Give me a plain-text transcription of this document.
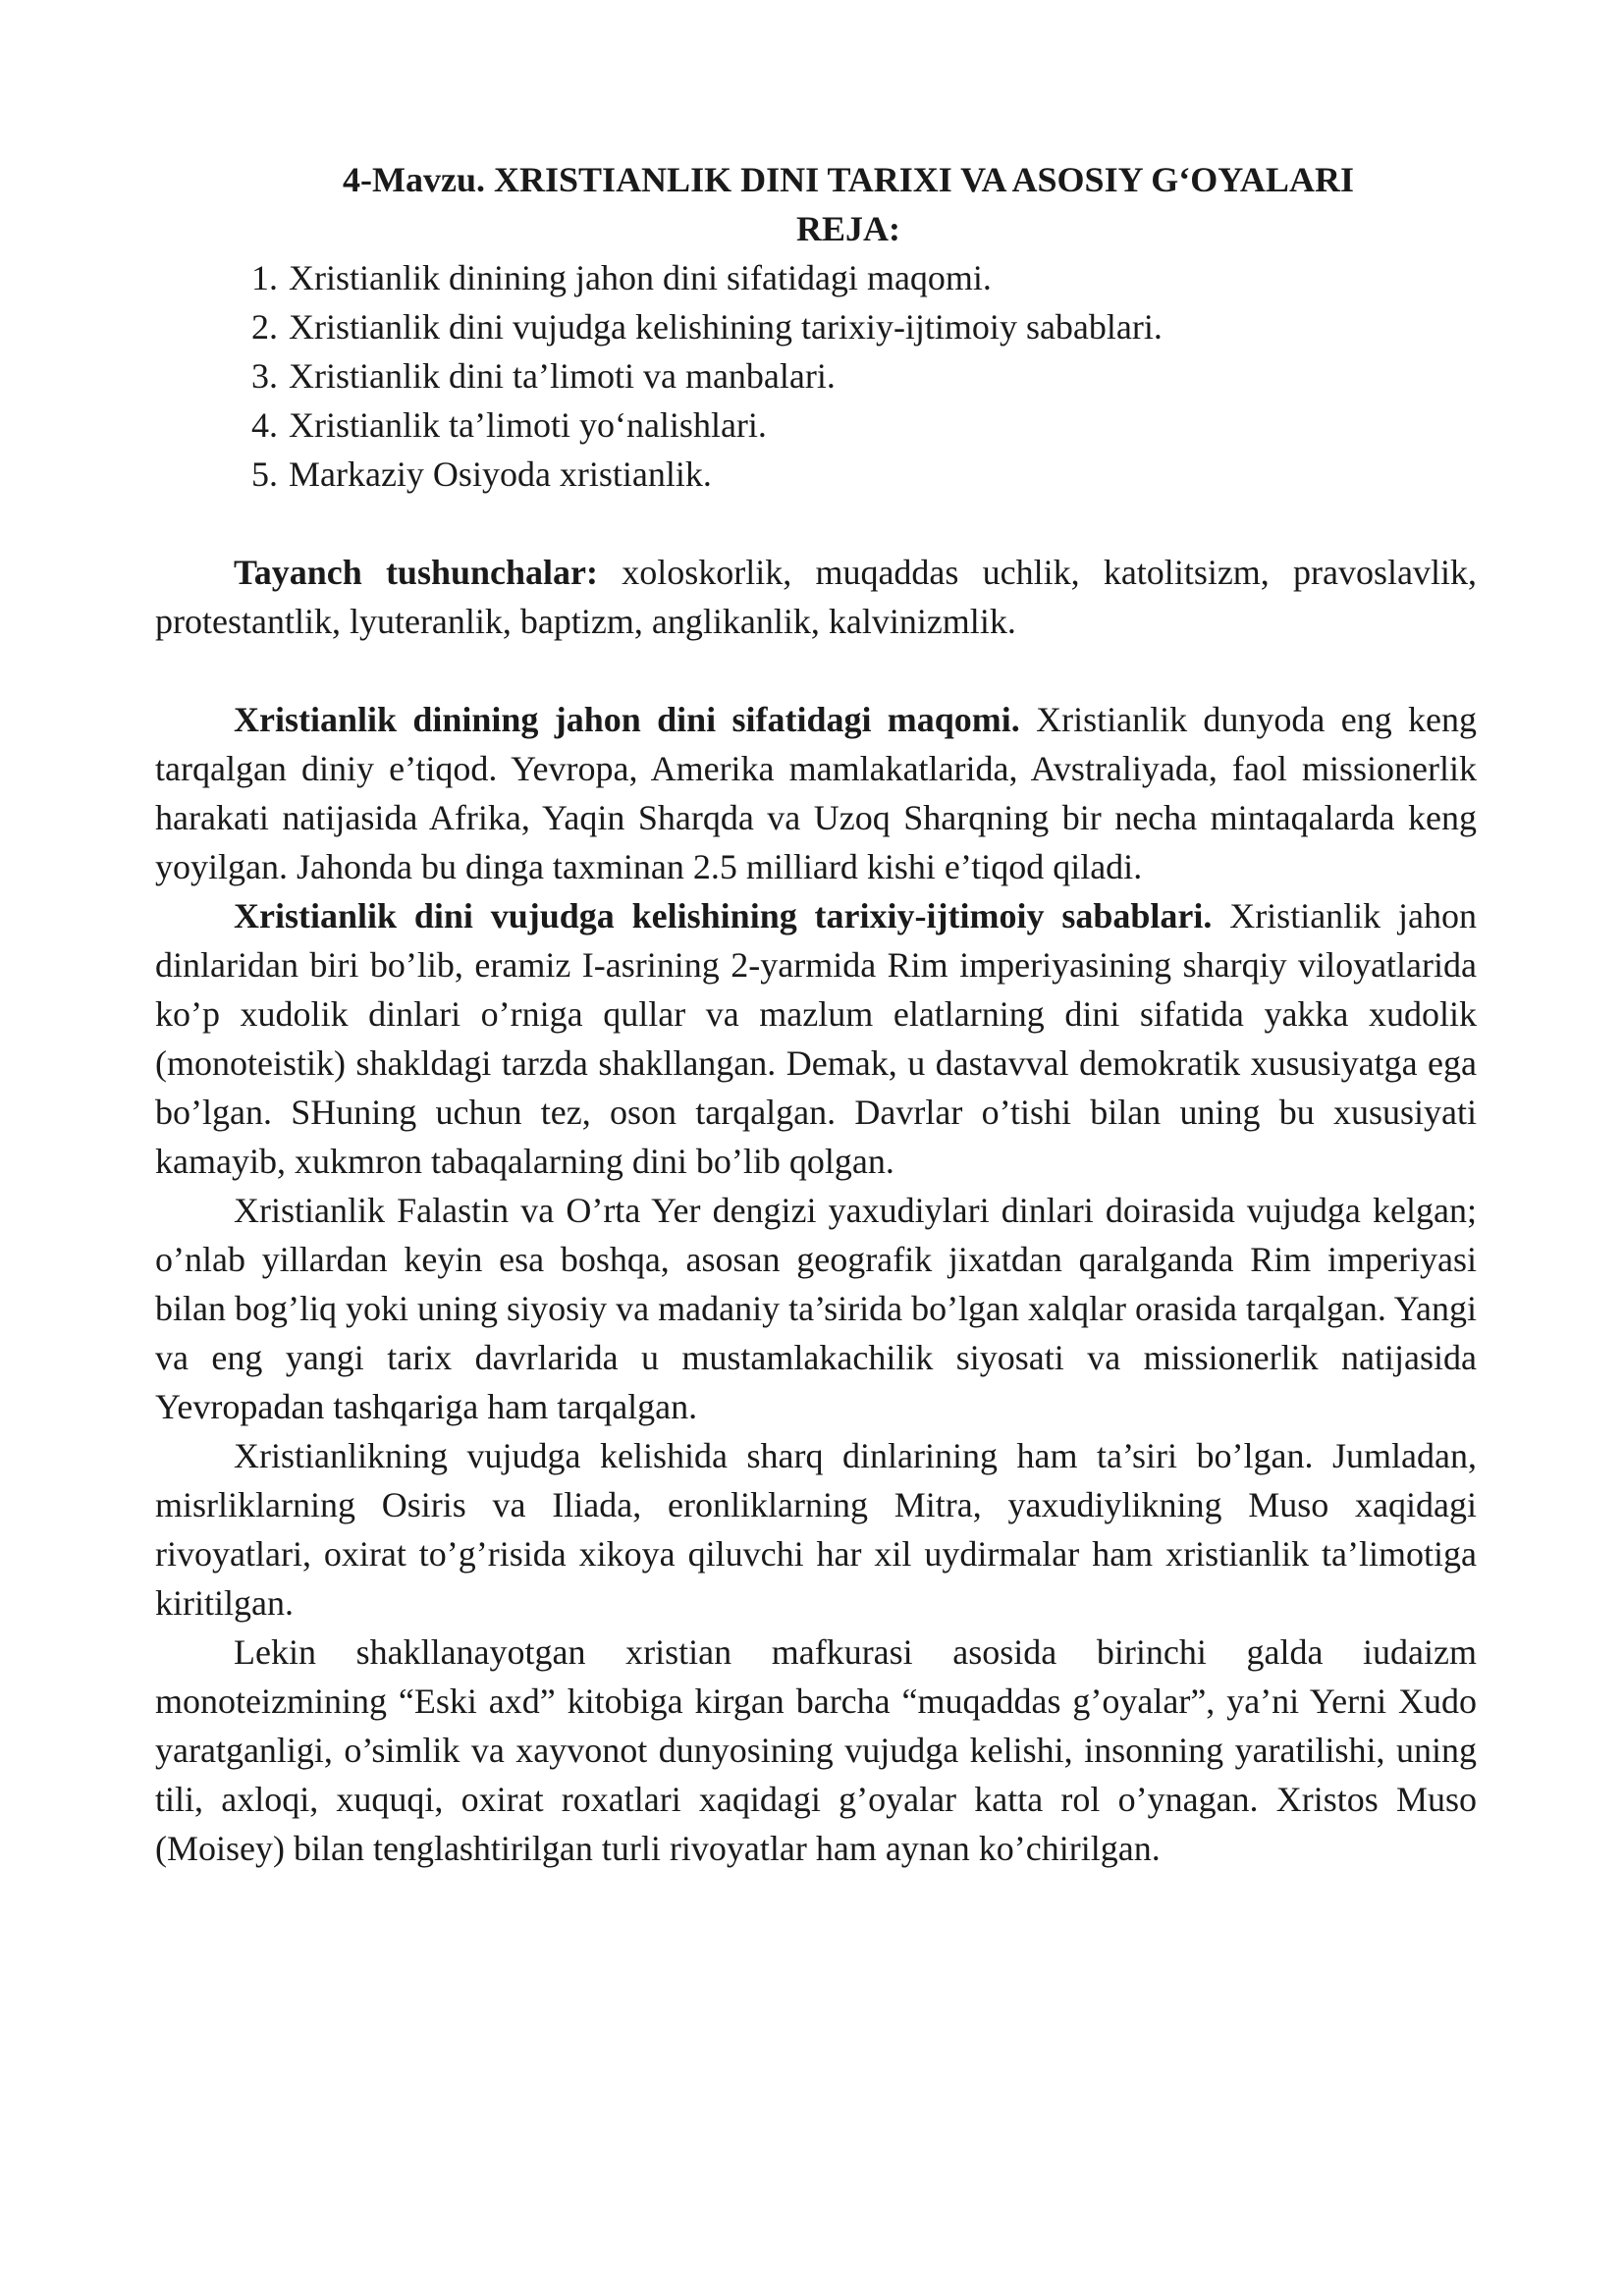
4-Mavzu. XRISTIANLIK DINI TARIXI VA ASOSIY G‘OYALARI

REJA:

1. Xristianlik dinining jahon dini sifatidagi maqomi.
2. Xristianlik dini vujudga kelishining tarixiy-ijtimoiy sabablari.
3. Xristianlik dini ta’limoti va manbalari.
4. Xristianlik ta’limoti yo‘nalishlari.
5. Markaziy Osiyoda xristianlik.

Tayanch tushunchalar: xoloskorlik, muqaddas uchlik, katolitsizm, pravoslavlik, protestantlik, lyuteranlik, baptizm, anglikanlik, kalvinizmlik.

Xristianlik dinining jahon dini sifatidagi maqomi. Xristianlik dunyoda eng keng tarqalgan diniy e’tiqod. Yevropa, Amerika mamlakatlarida, Avstraliyada, faol missionerlik harakati natijasida Afrika, Yaqin Sharqda va Uzoq Sharqning bir necha mintaqalarda keng yoyilgan. Jahonda bu dinga taxminan 2.5 milliard kishi e’tiqod qiladi.

Xristianlik dini vujudga kelishining tarixiy-ijtimoiy sabablari. Xristianlik jahon dinlaridan biri bo’lib, eramiz I-asrining 2-yarmida Rim imperiyasining sharqiy viloyatlarida ko’p xudolik dinlari o’rniga qullar va mazlum elatlarning dini sifatida yakka xudolik (monoteistik) shakldagi tarzda shakllangan. Demak, u dastavval demokratik xususiyatga ega bo’lgan. SHuning uchun tez, oson tarqalgan. Davrlar o’tishi bilan uning bu xususiyati kamayib, xukmron tabaqalarning dini bo’lib qolgan.

Xristianlik Falastin va O’rta Yer dengizi yaxudiylari dinlari doirasida vujudga kelgan; o’nlab yillardan keyin esa boshqa, asosan geografik jixatdan qaralganda Rim imperiyasi bilan bog’liq yoki uning siyosiy va madaniy ta’sirida bo’lgan xalqlar orasida tarqalgan. Yangi va eng yangi tarix davrlarida u mustamlakachilik siyosati va missionerlik natijasida Yevropadan tashqariga ham tarqalgan.

Xristianlikning vujudga kelishida sharq dinlarining ham ta’siri bo’lgan. Jumladan, misrliklarning Osiris va Iliada, eronliklarning Mitra, yaxudiylikning Muso xaqidagi rivoyatlari, oxirat to’g’risida xikoya qiluvchi har xil uydirmalar ham xristianlik ta’limotiga kiritilgan.

Lekin shakllanayotgan xristian mafkurasi asosida birinchi galda iudaizm monoteizmining “Eski axd” kitobiga kirgan barcha “muqaddas g’oyalar”, ya’ni Yerni Xudo yaratganligi, o’simlik va xayvonot dunyosining vujudga kelishi, insonning yaratilishi, uning tili, axloqi, xuquqi, oxirat roxatlari xaqidagi g’oyalar katta rol o’ynagan. Xristos Muso (Moisey) bilan tenglashtirilgan turli rivoyatlar ham aynan ko’chirilgan.
